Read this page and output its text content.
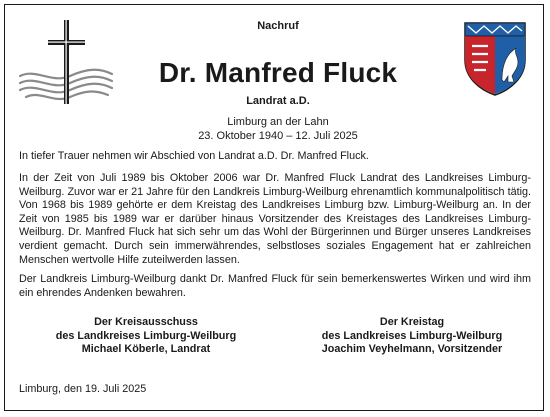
Nachruf
Dr. Manfred Fluck
Landrat a.D.
Limburg an der Lahn
23. Oktober 1940 – 12. Juli 2025

In tiefer Trauer nehmen wir Abschied von Landrat a.D. Dr. Manfred Fluck.

In der Zeit von Juli 1989 bis Oktober 2006 war Dr. Manfred Fluck Landrat des Landkreises Limburg-Weilburg. Zuvor war er 21 Jahre für den Landkreis Limburg-Weilburg ehrenamtlich kommunalpolitisch tätig. Von 1968 bis 1989 gehörte er dem Kreistag des Landkreises Limburg bzw. Limburg-Weilburg an. In der Zeit von 1985 bis 1989 war er darüber hinaus Vorsitzender des Kreistages des Landkreises Limburg-Weilburg. Dr. Manfred Fluck hat sich sehr um das Wohl der Bürgerinnen und Bürger unseres Landkreises verdient gemacht. Durch sein immerwährendes, selbstloses soziales Engagement hat er zahlreichen Menschen wertvolle Hilfe zuteilwerden lassen.

Der Landkreis Limburg-Weilburg dankt Dr. Manfred Fluck für sein bemerkenswertes Wirken und wird ihm ein ehrendes Andenken bewahren.

Der Kreisausschuss
des Landkreises Limburg-Weilburg
Michael Köberle, Landrat
Der Kreistag
des Landkreises Limburg-Weilburg
Joachim Veyhelmann, Vorsitzender
Limburg, den 19. Juli 2025
